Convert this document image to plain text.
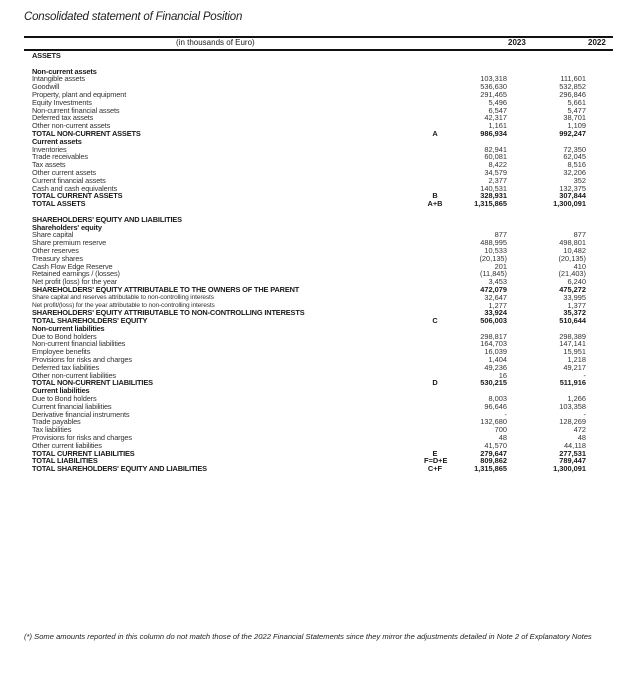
Consolidated statement of Financial Position
(in thousands of Euro)	2023	2022
ASSETS
Non-current assets
Intangible assets	103,318	111,601
Goodwill	536,630	532,852
Property, plant and equipment	291,465	296,846
Equity Investments	5,496	5,661
Non-current financial assets	6,547	5,477
Deferred tax assets	42,317	38,701
Other non-current assets	1,161	1,109
TOTAL NON-CURRENT ASSETS	A	986,934	992,247
Current assets
Inventories	82,941	72,350
Trade receivables	60,081	62,045
Tax assets	8,422	8,516
Other current assets	34,579	32,206
Current financial assets	2,377	352
Cash and cash equivalents	140,531	132,375
TOTAL CURRENT ASSETS	B	328,931	307,844
TOTAL ASSETS	A+B	1,315,865	1,300,091
SHAREHOLDERS' EQUITY AND LIABILITIES
Shareholders' equity
Share capital	877	877
Share premium reserve	488,995	498,801
Other reserves	10,533	10,482
Treasury shares	(20,135)	(20,135)
Cash Flow Edge Reserve	201	410
Retained earnings / (losses)	(11,845)	(21,403)
Net profit (loss) for the year	3,453	6,240
SHAREHOLDERS' EQUITY ATTRIBUTABLE TO THE OWNERS OF THE PARENT	472,079	475,272
Share capital and reserves attributable to non-controlling interests	32,647	33,995
Net profit/(loss) for the year attributable to non-controlling interests	1,277	1,377
SHAREHOLDERS' EQUITY ATTRIBUTABLE TO NON-CONTROLLING INTERESTS	33,924	35,372
TOTAL SHAREHOLDERS' EQUITY	C	506,003	510,644
Non-current liabilities
Due to Bond holders	298,817	298,389
Non-current financial liabilities	164,703	147,141
Employee benefits	16,039	15,951
Provisions for risks and charges	1,404	1,218
Deferred tax liabilities	49,236	49,217
Other non-current liabilities	16	-
TOTAL NON-CURRENT LIABILITIES	D	530,215	511,916
Current liabilities
Due to Bond holders	8,003	1,266
Current financial liabilities	96,646	103,358
Derivative financial instruments	-	-
Trade payables	132,680	128,269
Tax liabilities	700	472
Provisions for risks and charges	48	48
Other current liabilities	41,570	44,118
TOTAL CURRENT LIABILITIES	E	279,647	277,531
TOTAL LIABILITIES	F=D+E	809,862	789,447
TOTAL SHAREHOLDERS' EQUITY AND LIABILITIES	C+F	1,315,865	1,300,091
(*) Some amounts reported in this column do not match those of the 2022 Financial Statements since they mirror the adjustments detailed in Note 2 of Explanatory Notes
